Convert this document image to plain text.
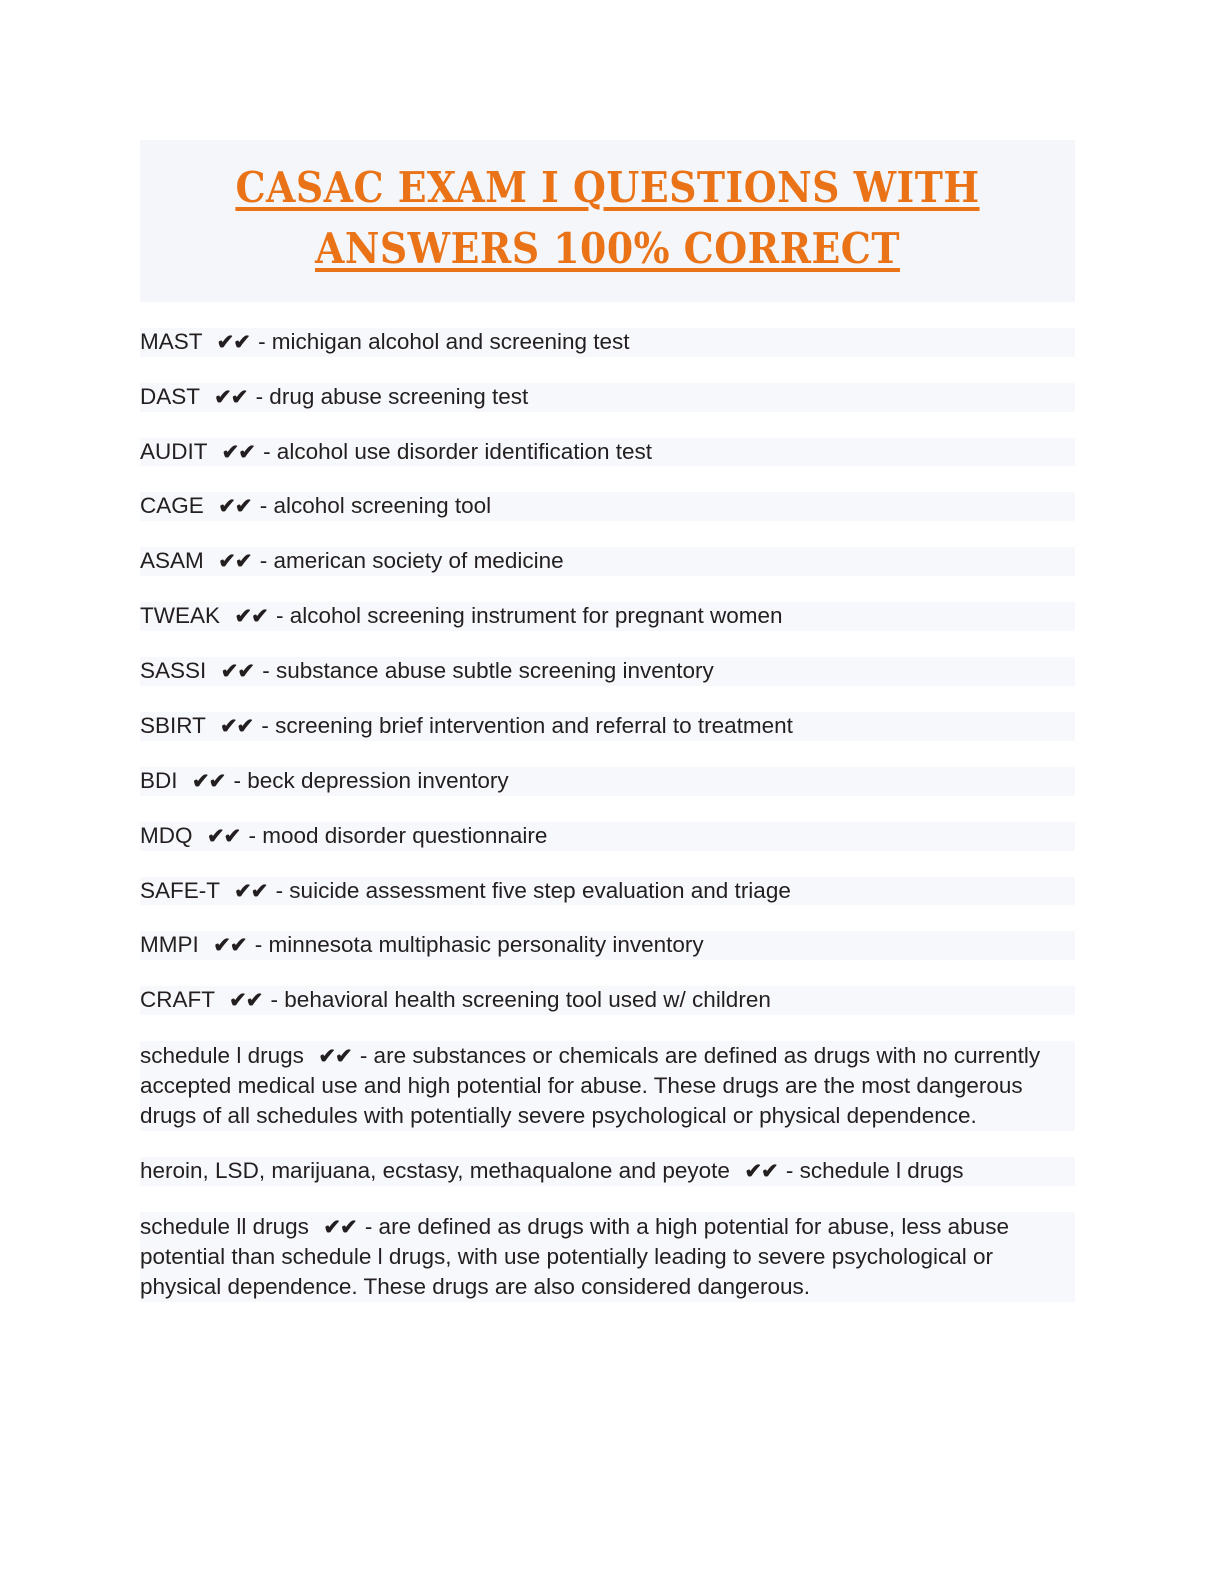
CASAC EXAM I QUESTIONS WITH
ANSWERS 100% CORRECT
MAST  ✔✔ - michigan alcohol and screening test
DAST  ✔✔ - drug abuse screening test
AUDIT  ✔✔ - alcohol use disorder identification test
CAGE  ✔✔ - alcohol screening tool
ASAM  ✔✔ - american society of medicine
TWEAK  ✔✔ - alcohol screening instrument for pregnant women
SASSI  ✔✔ - substance abuse subtle screening inventory
SBIRT  ✔✔ - screening brief intervention and referral to treatment
BDI  ✔✔ - beck depression inventory
MDQ  ✔✔ - mood disorder questionnaire
SAFE-T  ✔✔ - suicide assessment five step evaluation and triage
MMPI  ✔✔ - minnesota multiphasic personality inventory
CRAFT  ✔✔ - behavioral health screening tool used w/ children
schedule l drugs  ✔✔ - are substances or chemicals are defined as drugs with no currently accepted medical use and high potential for abuse. These drugs are the most dangerous drugs of all schedules with potentially severe psychological or physical dependence.
heroin, LSD, marijuana, ecstasy, methaqualone and peyote  ✔✔ - schedule l drugs
schedule ll drugs  ✔✔ - are defined as drugs with a high potential for abuse, less abuse potential than schedule l drugs, with use potentially leading to severe psychological or physical dependence. These drugs are also considered dangerous.
